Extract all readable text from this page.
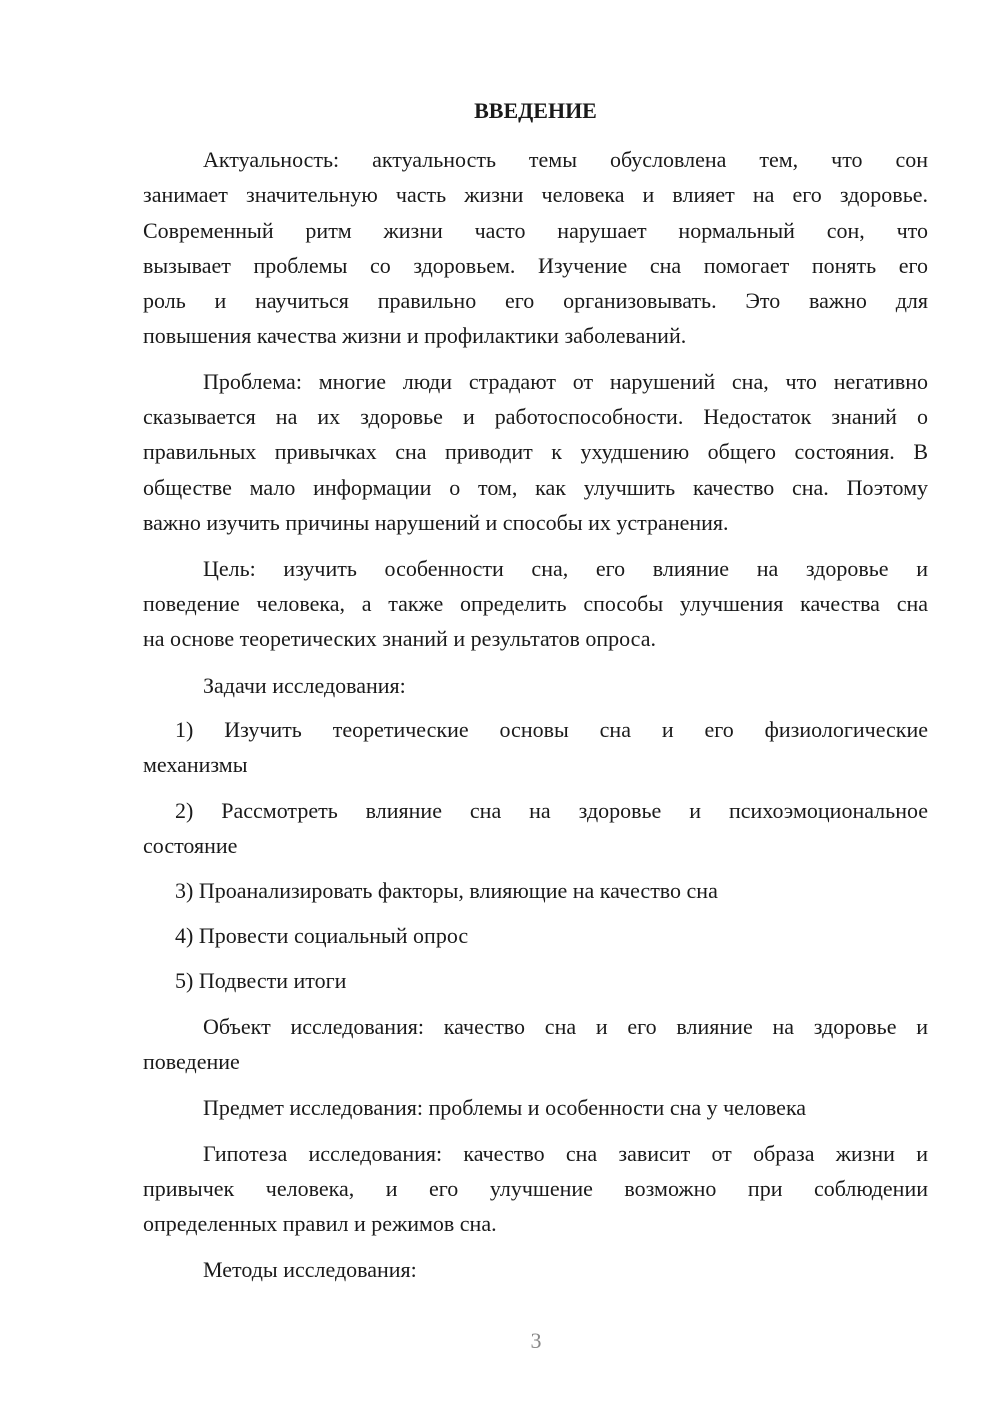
ВВЕДЕНИЕ
Актуальность: актуальность темы обусловлена тем, что сон
занимает значительную часть жизни человека и влияет на его здоровье.
Современный ритм жизни часто нарушает нормальный сон, что
вызывает проблемы со здоровьем. Изучение сна помогает понять его
роль и научиться правильно его организовывать. Это важно для
повышения качества жизни и профилактики заболеваний.
Проблема: многие люди страдают от нарушений сна, что негативно
сказывается на их здоровье и работоспособности. Недостаток знаний о
правильных привычках сна приводит к ухудшению общего состояния. В
обществе мало информации о том, как улучшить качество сна. Поэтому
важно изучить причины нарушений и способы их устранения.
Цель: изучить особенности сна, его влияние на здоровье и
поведение человека, а также определить способы улучшения качества сна
на основе теоретических знаний и результатов опроса.
Задачи исследования:
1) Изучить теоретические основы сна и его физиологические
механизмы
2) Рассмотреть влияние сна на здоровье и психоэмоциональное
состояние
3) Проанализировать факторы, влияющие на качество сна
4) Провести социальный опрос
5) Подвести итоги
Объект исследования: качество сна и его влияние на здоровье и
поведение
Предмет исследования: проблемы и особенности сна у человека
Гипотеза исследования: качество сна зависит от образа жизни и
привычек человека, и его улучшение возможно при соблюдении
определенных правил и режимов сна.
Методы исследования:
3
